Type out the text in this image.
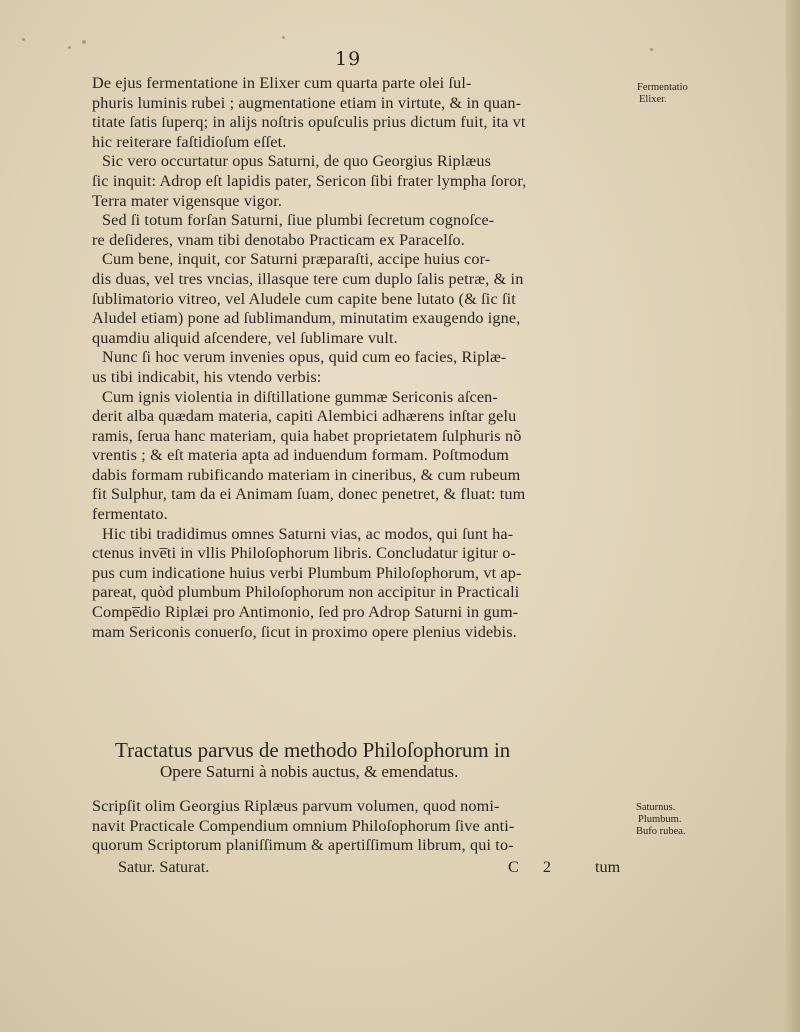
19
Fermentatio
Elixer.
De ejus fermentatione in Elixer cum quarta parte olei ſul-
phuris luminis rubei ; augmentatione etiam in virtute, & in quan-
titate ſatis ſuperq; in alijs noſtris opuſculis prius dictum fuit, ita vt
hic reiterare faſtidioſum eſſet.
Sic vero occurtatur opus Saturni, de quo Georgius Riplæus
ſic inquit: Adrop eſt lapidis pater, Sericon ſibi frater lympha ſoror,
Terra mater vigensque vigor.
Sed ſi totum forſan Saturni, ſiue plumbi ſecretum cognoſce-
re deſideres, vnam tibi denotabo Practicam ex Paracelſo.
Cum bene, inquit, cor Saturni præparaſti, accipe huius cor-
dis duas, vel tres vncias, illasque tere cum duplo ſalis petræ, & in
ſublimatorio vitreo, vel Aludele cum capite bene lutato (& ſic ſit
Aludel etiam) pone ad ſublimandum, minutatim exaugendo igne,
quamdiu aliquid aſcendere, vel ſublimare vult.
Nunc ſi hoc verum invenies opus, quid cum eo facies, Riplæ-
us tibi indicabit, his vtendo verbis:
Cum ignis violentia in diſtillatione gummæ Sericonis aſcen-
derit alba quædam materia, capiti Alembici adhærens inſtar gelu
ramis, ſerua hanc materiam, quia habet proprietatem ſulphuris nõ
vrentis ; & eſt materia apta ad induendum formam. Poſtmodum
dabis formam rubificando materiam in cineribus, & cum rubeum
fit Sulphur, tam da ei Animam ſuam, donec penetret, & fluat: tum
fermentato.
Hic tibi tradidimus omnes Saturni vias, ac modos, qui ſunt ha-
ctenus inve̅ti in vllis Philoſophorum libris. Concludatur igitur o-
pus cum indicatione huius verbi Plumbum Philoſophorum, vt ap-
pareat, quòd plumbum Philoſophorum non accipitur in Practicali
Compe̅dio Riplæi pro Antimonio, ſed pro Adrop Saturni in gum-
mam Sericonis conuerſo, ſicut in proximo opere plenius videbis.
Tractatus parvus de methodo Philoſophorum in
Opere Saturni à nobis auctus, & emendatus.
Saturnus.
Plumbum.
Bufo rubea.
Scripſit olim Georgius Riplæus parvum volumen, quod nomi-
navit Practicale Compendium omnium Philoſophorum ſive anti-
quorum Scriptorum planiſſimum & apertiſſimum librum, qui to-
Satur. Saturat.	C 2 tum
